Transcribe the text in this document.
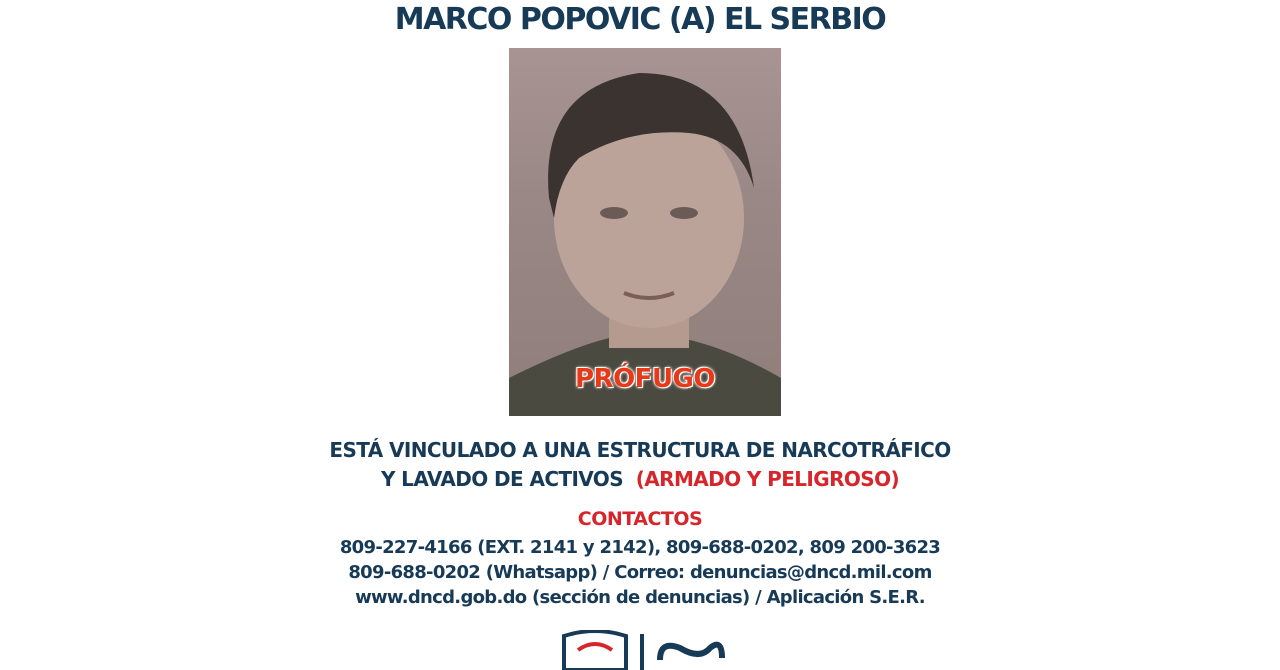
MARCO POPOVIC (A) EL SERBIO
PRÓFUGO
ESTÁ VINCULADO A UNA ESTRUCTURA DE NARCOTRÁFICO
Y LAVADO DE ACTIVOS (ARMADO Y PELIGROSO)
CONTACTOS
809-227-4166 (EXT. 2141 y 2142), 809-688-0202, 809 200-3623
809-688-0202 (Whatsapp) / Correo: denuncias@dncd.mil.com
www.dncd.gob.do (sección de denuncias) / Aplicación S.E.R.
